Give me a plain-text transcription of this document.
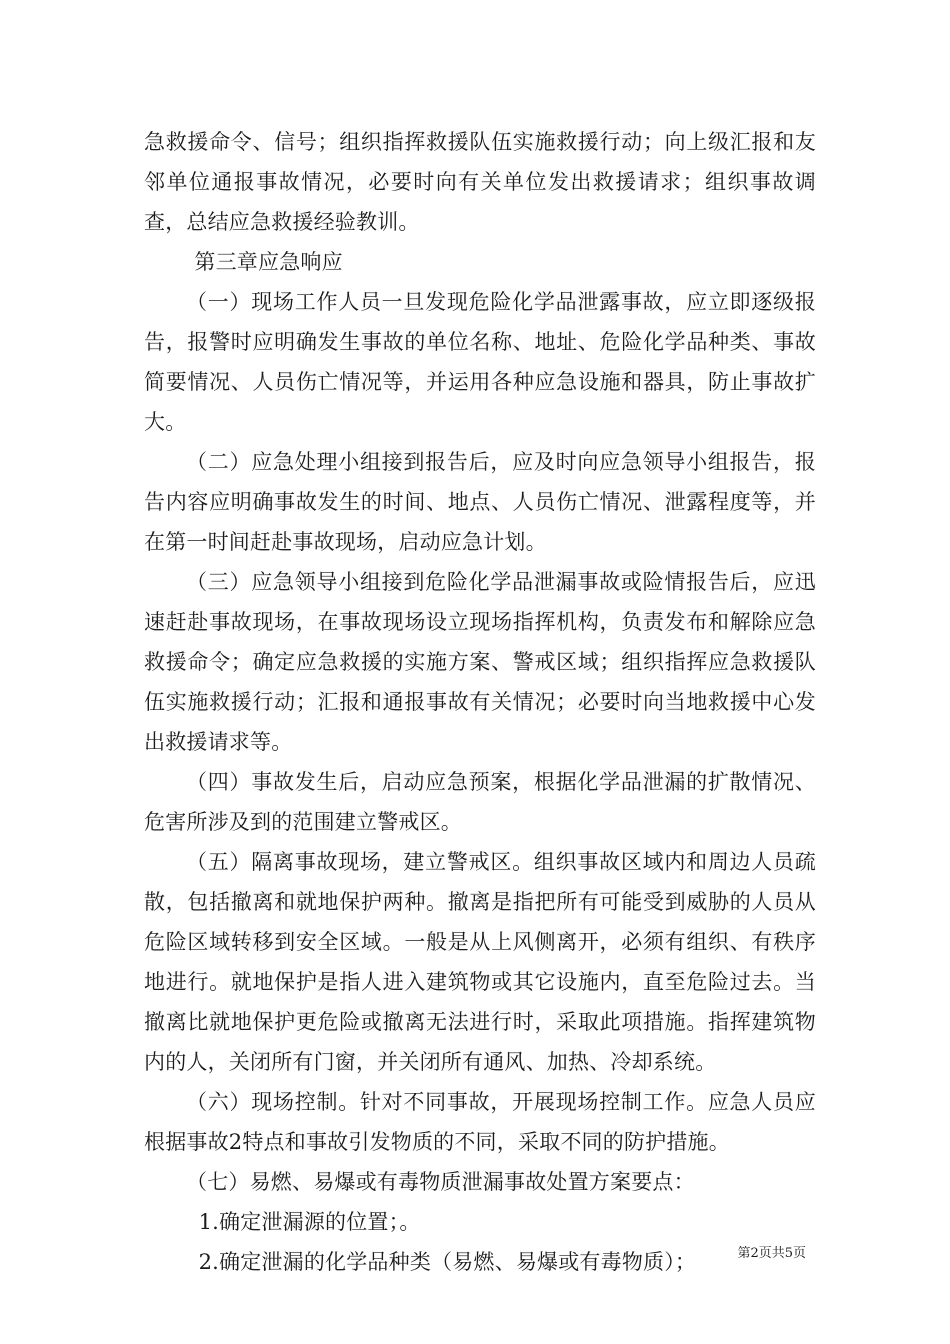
急救援命令、信号；组织指挥救援队伍实施救援行动；向上级汇报和友邻单位通报事故情况，必要时向有关单位发出救援请求；组织事故调查，总结应急救援经验教训。

第三章应急响应

（一）现场工作人员一旦发现危险化学品泄露事故，应立即逐级报告，报警时应明确发生事故的单位名称、地址、危险化学品种类、事故简要情况、人员伤亡情况等，并运用各种应急设施和器具，防止事故扩大。

（二）应急处理小组接到报告后，应及时向应急领导小组报告，报告内容应明确事故发生的时间、地点、人员伤亡情况、泄露程度等，并在第一时间赶赴事故现场，启动应急计划。

（三）应急领导小组接到危险化学品泄漏事故或险情报告后，应迅速赶赴事故现场，在事故现场设立现场指挥机构，负责发布和解除应急救援命令；确定应急救援的实施方案、警戒区域；组织指挥应急救援队伍实施救援行动；汇报和通报事故有关情况；必要时向当地救援中心发出救援请求等。

（四）事故发生后，启动应急预案，根据化学品泄漏的扩散情况、危害所涉及到的范围建立警戒区。

（五）隔离事故现场，建立警戒区。组织事故区域内和周边人员疏散，包括撤离和就地保护两种。撤离是指把所有可能受到威胁的人员从危险区域转移到安全区域。一般是从上风侧离开，必须有组织、有秩序地进行。就地保护是指人进入建筑物或其它设施内，直至危险过去。当撤离比就地保护更危险或撤离无法进行时，采取此项措施。指挥建筑物内的人，关闭所有门窗，并关闭所有通风、加热、冷却系统。

（六）现场控制。针对不同事故，开展现场控制工作。应急人员应根据事故2特点和事故引发物质的不同，采取不同的防护措施。

（七）易燃、易爆或有毒物质泄漏事故处置方案要点：

1.确定泄漏源的位置；。

2.确定泄漏的化学品种类（易燃、易爆或有毒物质）；	第2页共5页
